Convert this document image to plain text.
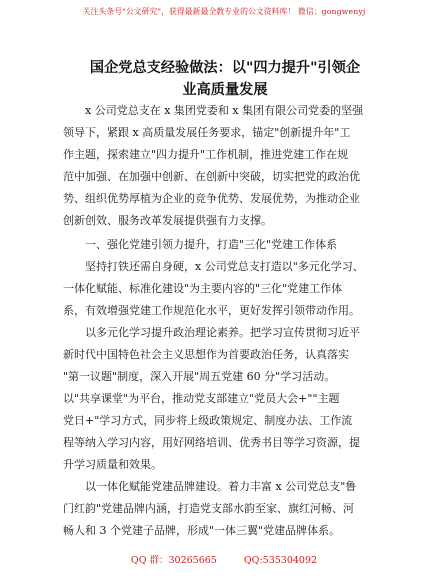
关注头条号"公文研究"，获得最新最全教专业的公文资料库！ 微信：gongwenyj
国企党总支经验做法：以"四力提升"引领企
业高质量发展
x 公司党总支在 x 集团党委和 x 集团有限公司党委的坚强
领导下，紧跟 x 高质量发展任务要求，锚定"创新提升年"工
作主题，探索建立"四力提升"工作机制，推进党建工作在规
范中加强、在加强中创新、在创新中突破，切实把党的政治优
势、组织优势厚植为企业的竞争优势、发展优势，为推动企业
创新创效、服务改革发展提供强有力支撑。
一、强化党建引领力提升，打造"三化"党建工作体系
坚持打铁还需自身硬，x 公司党总支打造以"多元化学习、
一体化赋能、标准化建设"为主要内容的"三化"党建工作体
系，有效增强党建工作规范化水平，更好发挥引领带动作用。
以多元化学习提升政治理论素养。把学习宣传贯彻习近平
新时代中国特色社会主义思想作为首要政治任务，认真落实
"第一议题"制度，深入开展"周五党建 60 分"学习活动。
以"共享课堂"为平台，推动党支部建立"党员大会+""主题
党日+"学习方式，同步将上级政策规定、制度办法、工作流
程等纳入学习内容，用好网络培训、优秀书目等学习资源，提
升学习质量和效果。
以一体化赋能党建品牌建设。着力丰富 x 公司党总支"鲁
门红韵"党建品牌内涵，打造党支部水韵至家、旗红河畅、河
畅人和 3 个党建子品牌，形成"一体三翼"党建品牌体系。
QQ 群：30265665	QQ:535304092
